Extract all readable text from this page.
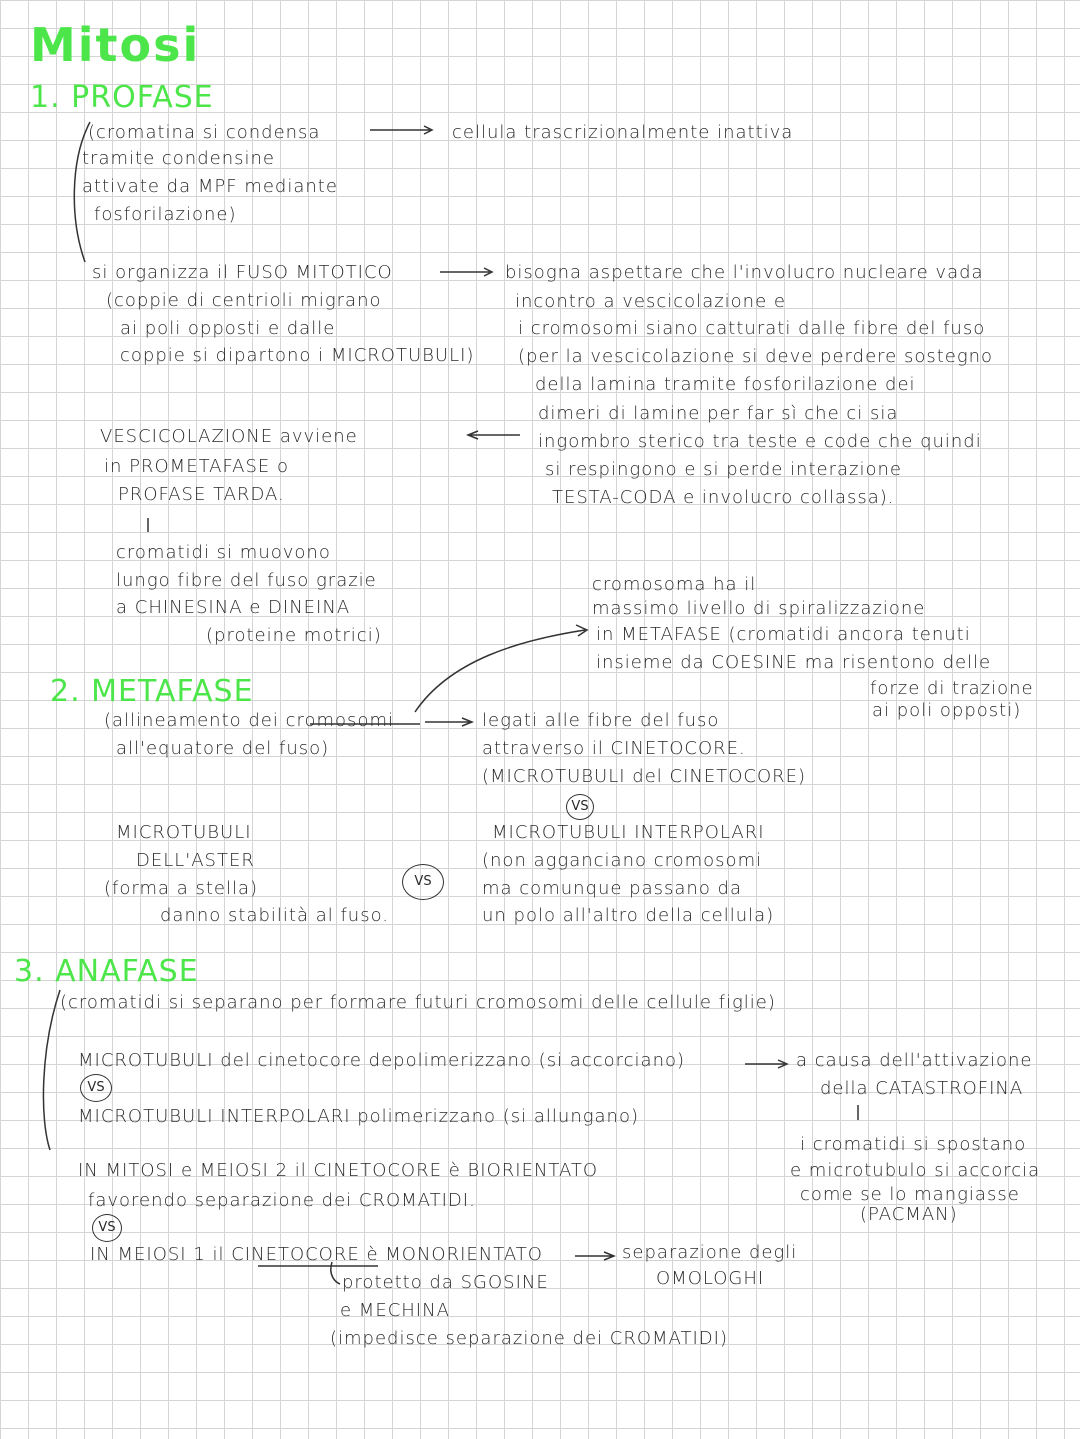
Mitosi
1. PROFASE
(cromatina si condensa
tramite condensine
attivate da MPF mediante
fosforilazione)
cellula trascrizionalmente inattiva
si organizza il FUSO MITOTICO
(coppie di centrioli migrano
ai poli opposti e dalle
coppie si dipartono i MICROTUBULI)
bisogna aspettare che l'involucro nucleare vada
incontro a vescicolazione e
i cromosomi siano catturati dalle fibre del fuso
(per la vescicolazione si deve perdere sostegno
della lamina tramite fosforilazione dei
dimeri di lamine per far sì che ci sia
ingombro sterico tra teste e code che quindi
si respingono e si perde interazione
TESTA-CODA e involucro collassa).
VESCICOLAZIONE avviene
in PROMETAFASE o
PROFASE TARDA.
cromatidi si muovono
lungo fibre del fuso grazie
a CHINESINA e DINEINA
(proteine motrici)
cromosoma ha il
massimo livello di spiralizzazione
in METAFASE (cromatidi ancora tenuti
insieme da COESINE ma risentono delle
forze di trazione
ai poli opposti)
2. METAFASE
(allineamento dei cromosomi
all'equatore del fuso)
legati alle fibre del fuso
attraverso il CINETOCORE.
(MICROTUBULI del CINETOCORE)
VS
MICROTUBULI
DELL'ASTER
(forma a stella)
danno stabilità al fuso.
VS
MICROTUBULI INTERPOLARI
(non agganciano cromosomi
ma comunque passano da
un polo all'altro della cellula)
3. ANAFASE
(cromatidi si separano per formare futuri cromosomi delle cellule figlie)
MICROTUBULI del cinetocore depolimerizzano (si accorciano)
VS
MICROTUBULI INTERPOLARI polimerizzano (si allungano)
a causa dell'attivazione
della CATASTROFINA
i cromatidi si spostano
e microtubulo si accorcia
come se lo mangiasse
(PACMAN)
IN MITOSI e MEIOSI 2 il CINETOCORE è BIORIENTATO
favorendo separazione dei CROMATIDI.
VS
IN MEIOSI 1 il CINETOCORE è MONORIENTATO	separazione degli
OMOLOGHI
protetto da SGOSINE
e MECHINA
(impedisce separazione dei CROMATIDI)
